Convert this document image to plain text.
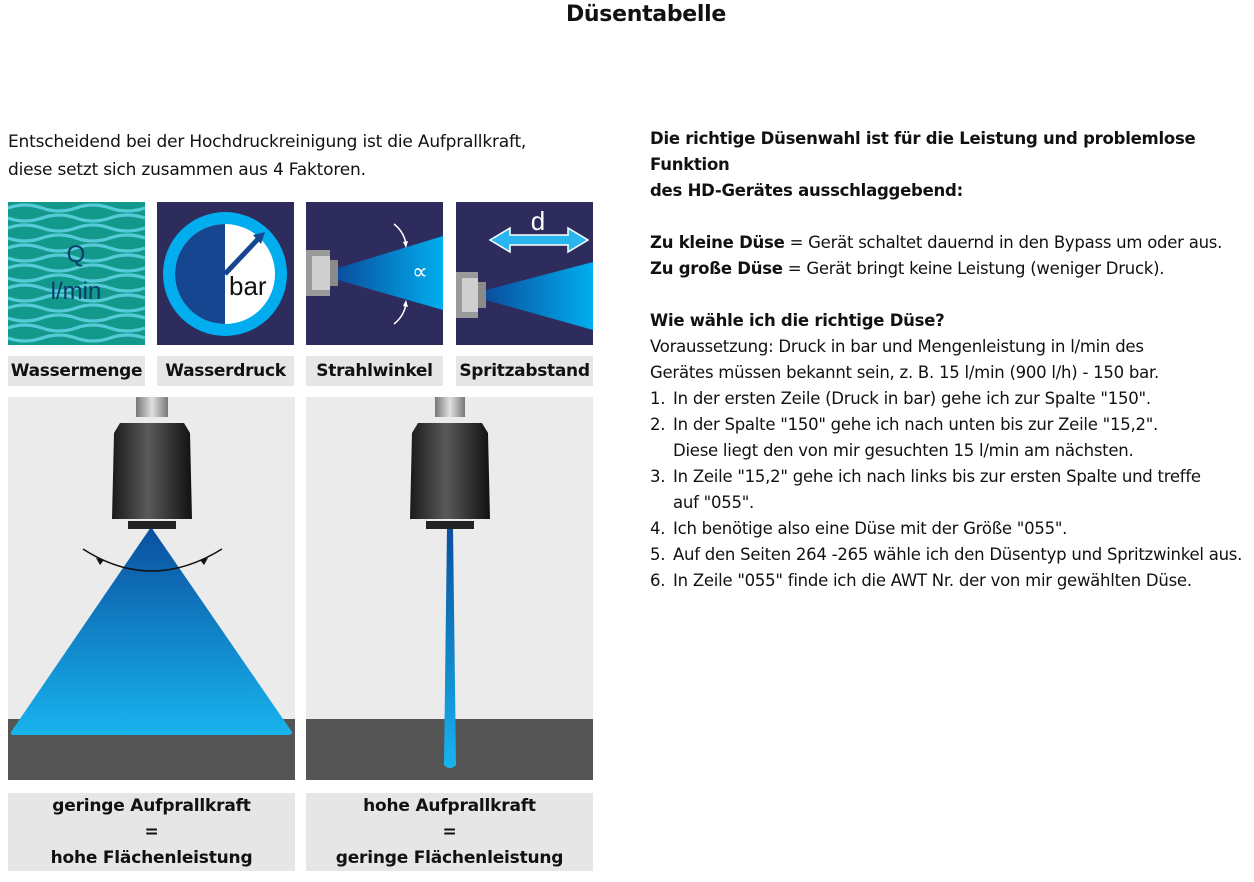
Düsentabelle
Entscheidend bei der Hochdruckreinigung ist die Aufprallkraft,
diese setzt sich zusammen aus 4 Faktoren.
Q
l/min	bar	∝
d
Wassermenge	Wasserdruck	Strahlwinkel	Spritzabstand
geringe Aufprallkraft
=
hohe Flächenleistung
hohe Aufprallkraft
=
geringe Flächenleistung

Die richtige Düsenwahl ist für die Leistung und problemlose Funktion

des HD-Gerätes ausschlaggebend:

Zu kleine Düse = Gerät schaltet dauernd in den Bypass um oder aus.

Zu große Düse = Gerät bringt keine Leistung (weniger Druck).

Wie wähle ich die richtige Düse?

Voraussetzung: Druck in bar und Mengenleistung in l/min des

Gerätes müssen bekannt sein, z. B. 15 l/min (900 l/h) - 150 bar.

1. In der ersten Zeile (Druck in bar) gehe ich zur Spalte "150".
2. In der Spalte "150" gehe ich nach unten bis zur Zeile "15,2".
Diese liegt den von mir gesuchten 15 l/min am nächsten.
3. In Zeile "15,2" gehe ich nach links bis zur ersten Spalte und treffe
auf "055".
4. Ich benötige also eine Düse mit der Größe "055".
5. Auf den Seiten 264 -265 wähle ich den Düsentyp und Spritzwinkel aus.
6. In Zeile "055" finde ich die AWT Nr. der von mir gewählten Düse.
